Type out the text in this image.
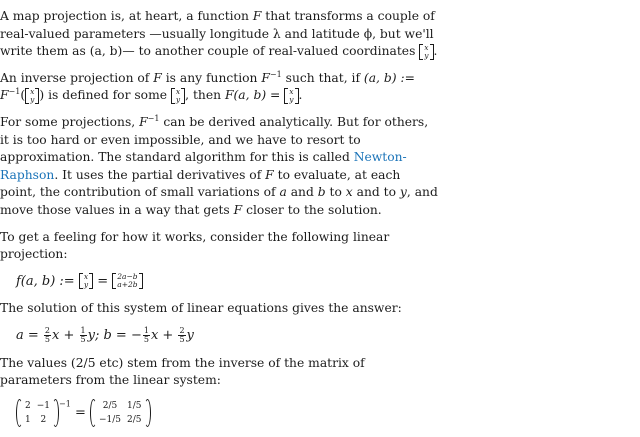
A map projection is, at heart, a function F that transforms a couple of real-valued parameters —usually longitude λ and latitude ϕ, but we'll write them as (a, b)— to another couple of real-valued coordinates x
y .

An inverse projection of F is any function $F^{-1}$ such that, if (a, b) := $F^{-1}$( x
y ) is defined for some x
y , then F(a, b) = x
y .

For some projections, $F^{-1}$ can be derived analytically. But for others, it is too hard or even impossible, and we have to resort to approximation. The standard algorithm for this is called Newton-Raphson. It uses the partial derivatives of F to evaluate, at each point, the contribution of small variations of a and b to x and to y, and move those values in a way that gets F closer to the solution.

To get a feeling for how it works, consider the following linear projection:

f(a, b) := x
y = 2a−b
a+2b

The solution of this system of linear equations gives the answer:

$a = \frac{2}{5}$ $x + \frac{1}{5} y$; b = − $\frac{1}{5}$ $x + \frac{2}{5}$ y

The values (2/5 etc) stem from the inverse of the matrix of parameters from the linear system:

2 −1
1	2
$^{-1}$ =	2/5	1/5
−1/5 2/5
